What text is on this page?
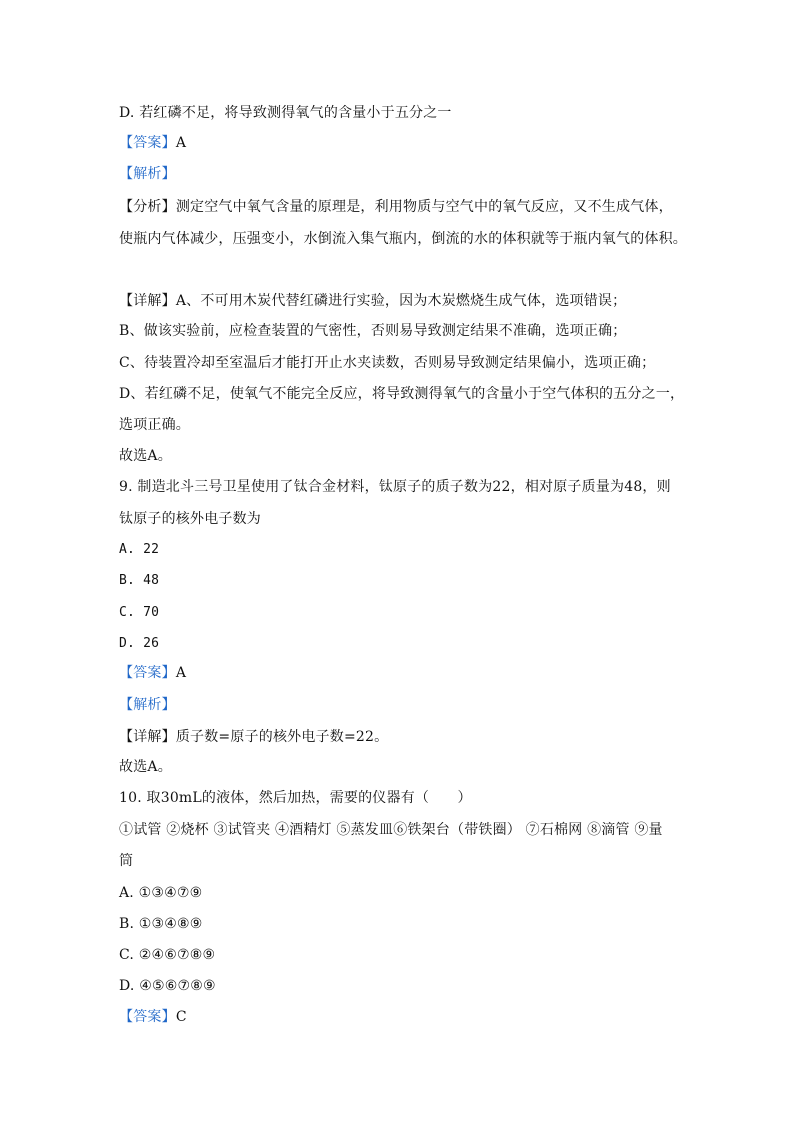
D. 若红磷不足，将导致测得氧气的含量小于五分之一
【答案】A
【解析】
【分析】测定空气中氧气含量的原理是，利用物质与空气中的氧气反应，又不生成气体，
使瓶内气体减少，压强变小，水倒流入集气瓶内，倒流的水的体积就等于瓶内氧气的体积。
【详解】A、不可用木炭代替红磷进行实验，因为木炭燃烧生成气体，选项错误；
B、做该实验前，应检查装置的气密性，否则易导致测定结果不准确，选项正确；
C、待装置冷却至室温后才能打开止水夹读数，否则易导致测定结果偏小，选项正确；
D、若红磷不足，使氧气不能完全反应，将导致测得氧气的含量小于空气体积的五分之一，
选项正确。
故选A。
9. 制造北斗三号卫星使用了钛合金材料，钛原子的质子数为22，相对原子质量为48，则
钛原子的核外电子数为
A. 22
B. 48
C. 70
D. 26
【答案】A
【解析】
【详解】质子数=原子的核外电子数=22。
故选A。
10. 取30mL的液体，然后加热，需要的仪器有（　　）
①试管 ②烧杯 ③试管夹 ④酒精灯 ⑤蒸发皿⑥铁架台（带铁圈） ⑦石棉网 ⑧滴管 ⑨量
筒
A. ①③④⑦⑨
B. ①③④⑧⑨
C. ②④⑥⑦⑧⑨
D. ④⑤⑥⑦⑧⑨
【答案】C
